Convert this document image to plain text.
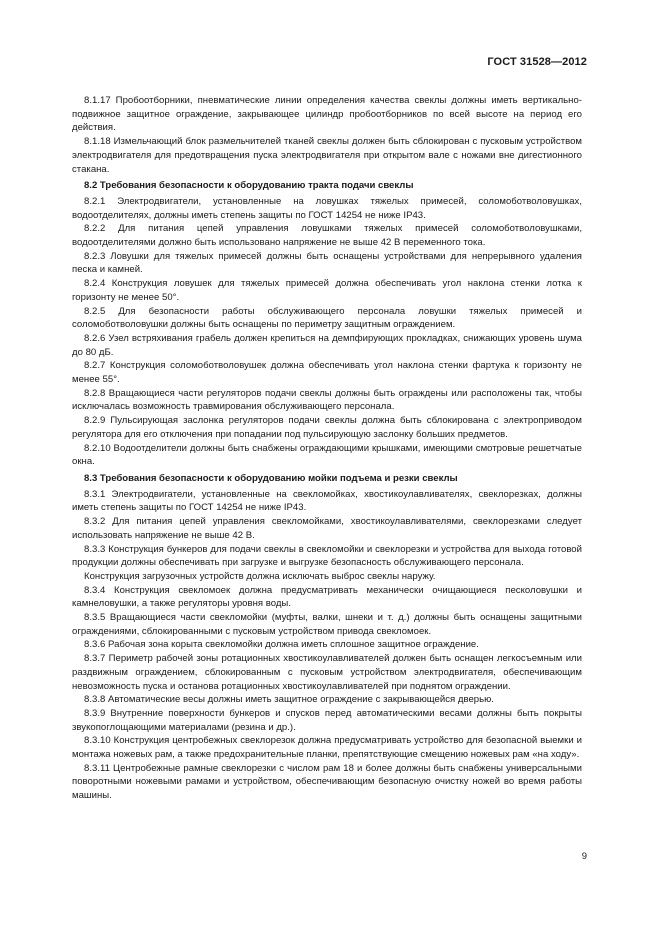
ГОСТ 31528—2012

8.1.17 Пробоотборники, пневматические линии определения качества свеклы должны иметь вертикально-подвижное защитное ограждение, закрывающее цилиндр пробоотборников по всей высоте на период его действия.

8.1.18 Измельчающий блок размельчителей тканей свеклы должен быть сблокирован с пусковым устройством электродвигателя для предотвращения пуска электродвигателя при открытом вале с ножами вне дигестионного стакана.

8.2 Требования безопасности к оборудованию тракта подачи свеклы

8.2.1 Электродвигатели, установленные на ловушках тяжелых примесей, соломоботволовушках, водоотделителях, должны иметь степень защиты по ГОСТ 14254 не ниже IP43.

8.2.2 Для питания цепей управления ловушками тяжелых примесей соломоботволовушками, водоотделителями должно быть использовано напряжение не выше 42 В переменного тока.

8.2.3 Ловушки для тяжелых примесей должны быть оснащены устройствами для непрерывного удаления песка и камней.

8.2.4 Конструкция ловушек для тяжелых примесей должна обеспечивать угол наклона стенки лотка к горизонту не менее 50°.

8.2.5 Для безопасности работы обслуживающего персонала ловушки тяжелых примесей и соломоботволовушки должны быть оснащены по периметру защитным ограждением.

8.2.6 Узел встряхивания грабель должен крепиться на демпфирующих прокладках, снижающих уровень шума до 80 дБ.

8.2.7 Конструкция соломоботволовушек должна обеспечивать угол наклона стенки фартука к горизонту не менее 55°.

8.2.8 Вращающиеся части регуляторов подачи свеклы должны быть ограждены или расположены так, чтобы исключалась возможность травмирования обслуживающего персонала.

8.2.9 Пульсирующая заслонка регуляторов подачи свеклы должна быть сблокирована с электроприводом регулятора для его отключения при попадании под пульсирующую заслонку больших предметов.

8.2.10 Водоотделители должны быть снабжены ограждающими крышками, имеющими смотровые решетчатые окна.

8.3 Требования безопасности к оборудованию мойки подъема и резки свеклы

8.3.1 Электродвигатели, установленные на свекломойках, хвостикоулавливателях, свеклорезках, должны иметь степень защиты по ГОСТ 14254 не ниже IP43.

8.3.2 Для питания цепей управления свекломойками, хвостикоулавливателями, свеклорезками следует использовать напряжение не выше 42 В.

8.3.3 Конструкция бункеров для подачи свеклы в свекломойки и свеклорезки и устройства для выхода готовой продукции должны обеспечивать при загрузке и выгрузке безопасность обслуживающего персонала.

Конструкция загрузочных устройств должна исключать выброс свеклы наружу.

8.3.4 Конструкция свекломоек должна предусматривать механически очищающиеся песколовушки и камнеловушки, а также регуляторы уровня воды.

8.3.5 Вращающиеся части свекломойки (муфты, валки, шнеки и т. д.) должны быть оснащены защитными ограждениями, сблокированными с пусковым устройством привода свекломоек.

8.3.6 Рабочая зона корыта свекломойки должна иметь сплошное защитное ограждение.

8.3.7 Периметр рабочей зоны ротационных хвостикоулавливателей должен быть оснащен легкосъемным или раздвижным ограждением, сблокированным с пусковым устройством электродвигателя, обеспечивающим невозможность пуска и останова ротационных хвостикоулавливателей при поднятом ограждении.

8.3.8 Автоматические весы должны иметь защитное ограждение с закрывающейся дверью.

8.3.9 Внутренние поверхности бункеров и спусков перед автоматическими весами должны быть покрыты звукопоглощающими материалами (резина и др.).

8.3.10 Конструкция центробежных свеклорезок должна предусматривать устройство для безопасной выемки и монтажа ножевых рам, а также предохранительные планки, препятствующие смещению ножевых рам «на ходу».

8.3.11 Центробежные рамные свеклорезки с числом рам 18 и более должны быть снабжены универсальными поворотными ножевыми рамами и устройством, обеспечивающим безопасную очистку ножей во время работы машины.

9
